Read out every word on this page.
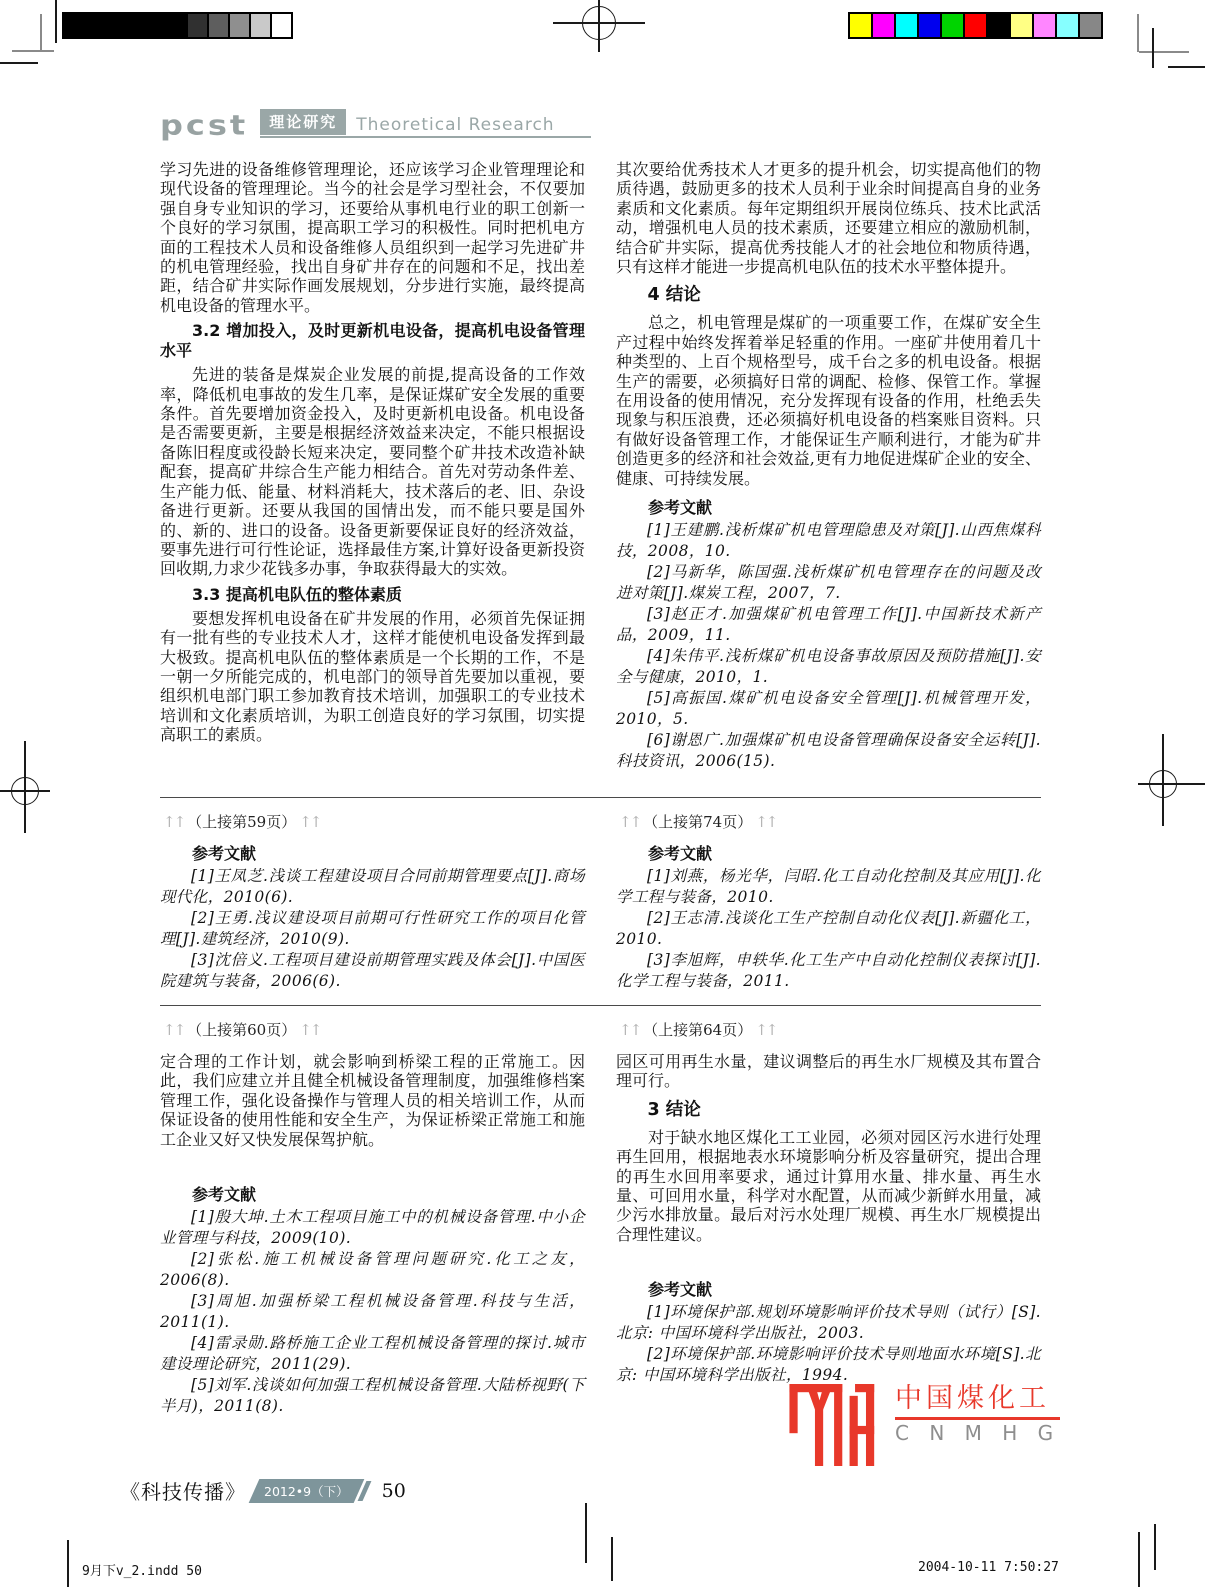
pcst	理论研究	Theoretical Research

学习先进的设备维修管理理论，还应该学习企业管理理论和现代设备的管理理论。当今的社会是学习型社会，不仅要加强自身专业知识的学习，还要给从事机电行业的职工创新一个良好的学习氛围，提高职工学习的积极性。同时把机电方面的工程技术人员和设备维修人员组织到一起学习先进矿井的机电管理经验，找出自身矿井存在的问题和不足，找出差距，结合矿井实际作画发展规划，分步进行实施，最终提高机电设备的管理水平。

3.2 增加投入，及时更新机电设备，提高机电设备管理水平

先进的装备是煤炭企业发展的前提,提高设备的工作效率，降低机电事故的发生几率，是保证煤矿安全发展的重要条件。首先要增加资金投入，及时更新机电设备。机电设备是否需要更新，主要是根据经济效益来决定，不能只根据设备陈旧程度或役龄长短来决定，要同整个矿井技术改造补缺配套，提高矿井综合生产能力相结合。首先对劳动条件差、生产能力低、能量、材料消耗大，技术落后的老、旧、杂设备进行更新。还要从我国的国情出发，而不能只要是国外的、新的、进口的设备。设备更新要保证良好的经济效益，要事先进行可行性论证，选择最佳方案,计算好设备更新投资回收期,力求少花钱多办事，争取获得最大的实效。

3.3 提高机电队伍的整体素质

要想发挥机电设备在矿井发展的作用，必须首先保证拥有一批有些的专业技术人才，这样才能使机电设备发挥到最大极致。提高机电队伍的整体素质是一个长期的工作，不是一朝一夕所能完成的，机电部门的领导首先要加以重视，要组织机电部门职工参加教育技术培训，加强职工的专业技术培训和文化素质培训，为职工创造良好的学习氛围，切实提高职工的素质。

其次要给优秀技术人才更多的提升机会，切实提高他们的物质待遇，鼓励更多的技术人员利于业余时间提高自身的业务素质和文化素质。每年定期组织开展岗位练兵、技术比武活动，增强机电人员的技术素质，还要建立相应的激励机制，结合矿井实际，提高优秀技能人才的社会地位和物质待遇，只有这样才能进一步提高机电队伍的技术水平整体提升。

4 结论

总之，机电管理是煤矿的一项重要工作，在煤矿安全生产过程中始终发挥着举足轻重的作用。一座矿井使用着几十种类型的、上百个规格型号，成千台之多的机电设备。根据生产的需要，必须搞好日常的调配、检修、保管工作。掌握在用设备的使用情况，充分发挥现有设备的作用，杜绝丢失现象与积压浪费，还必须搞好机电设备的档案账目资料。只有做好设备管理工作，才能保证生产顺利进行，才能为矿井创造更多的经济和社会效益,更有力地促进煤矿企业的安全、健康、可持续发展。

参考文献

[1]王建鹏.浅析煤矿机电管理隐患及对策[J].山西焦煤科技，2008，10.

[2]马新华，陈国强.浅析煤矿机电管理存在的问题及改进对策[J].煤炭工程，2007，7.

[3]赵正才.加强煤矿机电管理工作[J].中国新技术新产品，2009，11.

[4]朱伟平.浅析煤矿机电设备事故原因及预防措施[J].安全与健康，2010，1.

[5]高振国.煤矿机电设备安全管理[J].机械管理开发，2010，5.

[6]谢恩广.加强煤矿机电设备管理确保设备安全运转[J].科技资讯，2006(15).

↑↑ （上接第59页） ↑↑

参考文献

[1]王凤芝.浅谈工程建设项目合同前期管理要点[J].商场现代化，2010(6).

[2]王勇.浅议建设项目前期可行性研究工作的项目化管理[J].建筑经济，2010(9).

[3]沈倍义.工程项目建设前期管理实践及体会[J].中国医院建筑与装备，2006(6).

↑↑ （上接第74页） ↑↑

参考文献

[1]刘燕，杨光华，闫昭.化工自动化控制及其应用[J].化学工程与装备，2010.

[2]王志清.浅谈化工生产控制自动化仪表[J].新疆化工，2010.

[3]李旭辉，申轶华.化工生产中自动化控制仪表探讨[J].化学工程与装备，2011.

↑↑ （上接第60页） ↑↑

定合理的工作计划，就会影响到桥梁工程的正常施工。因此，我们应建立并且健全机械设备管理制度，加强维修档案管理工作，强化设备操作与管理人员的相关培训工作，从而保证设备的使用性能和安全生产，为保证桥梁正常施工和施工企业又好又快发展保驾护航。

参考文献

[1]殷大坤.土木工程项目施工中的机械设备管理.中小企业管理与科技，2009(10).

[2]张松.施工机械设备管理问题研究.化工之友，2006(8).

[3]周旭.加强桥梁工程机械设备管理.科技与生活，2011(1).

[4]雷录勋.路桥施工企业工程机械设备管理的探讨.城市建设理论研究，2011(29).

[5]刘军.浅谈如何加强工程机械设备管理.大陆桥视野(下半月)，2011(8).

↑↑ （上接第64页） ↑↑

园区可用再生水量，建议调整后的再生水厂规模及其布置合理可行。

3 结论

对于缺水地区煤化工工业园，必须对园区污水进行处理再生回用，根据地表水环境影响分析及容量研究，提出合理的再生水回用率要求，通过计算用水量、排水量、再生水量、可回用水量，科学对水配置，从而减少新鲜水用量，减少污水排放量。最后对污水处理厂规模、再生水厂规模提出合理性建议。

参考文献

[1]环境保护部.规划环境影响评价技术导则（试行）[S].北京: 中国环境科学出版社，2003.

[2]环境保护部.环境影响评价技术导则地面水环境[S].北京: 中国环境科学出版社，1994.

中国煤化工
C N M H G
《科技传播》	2012•9（下）	50
9月下v_2.indd 50	2004-10-11 7:50:27
